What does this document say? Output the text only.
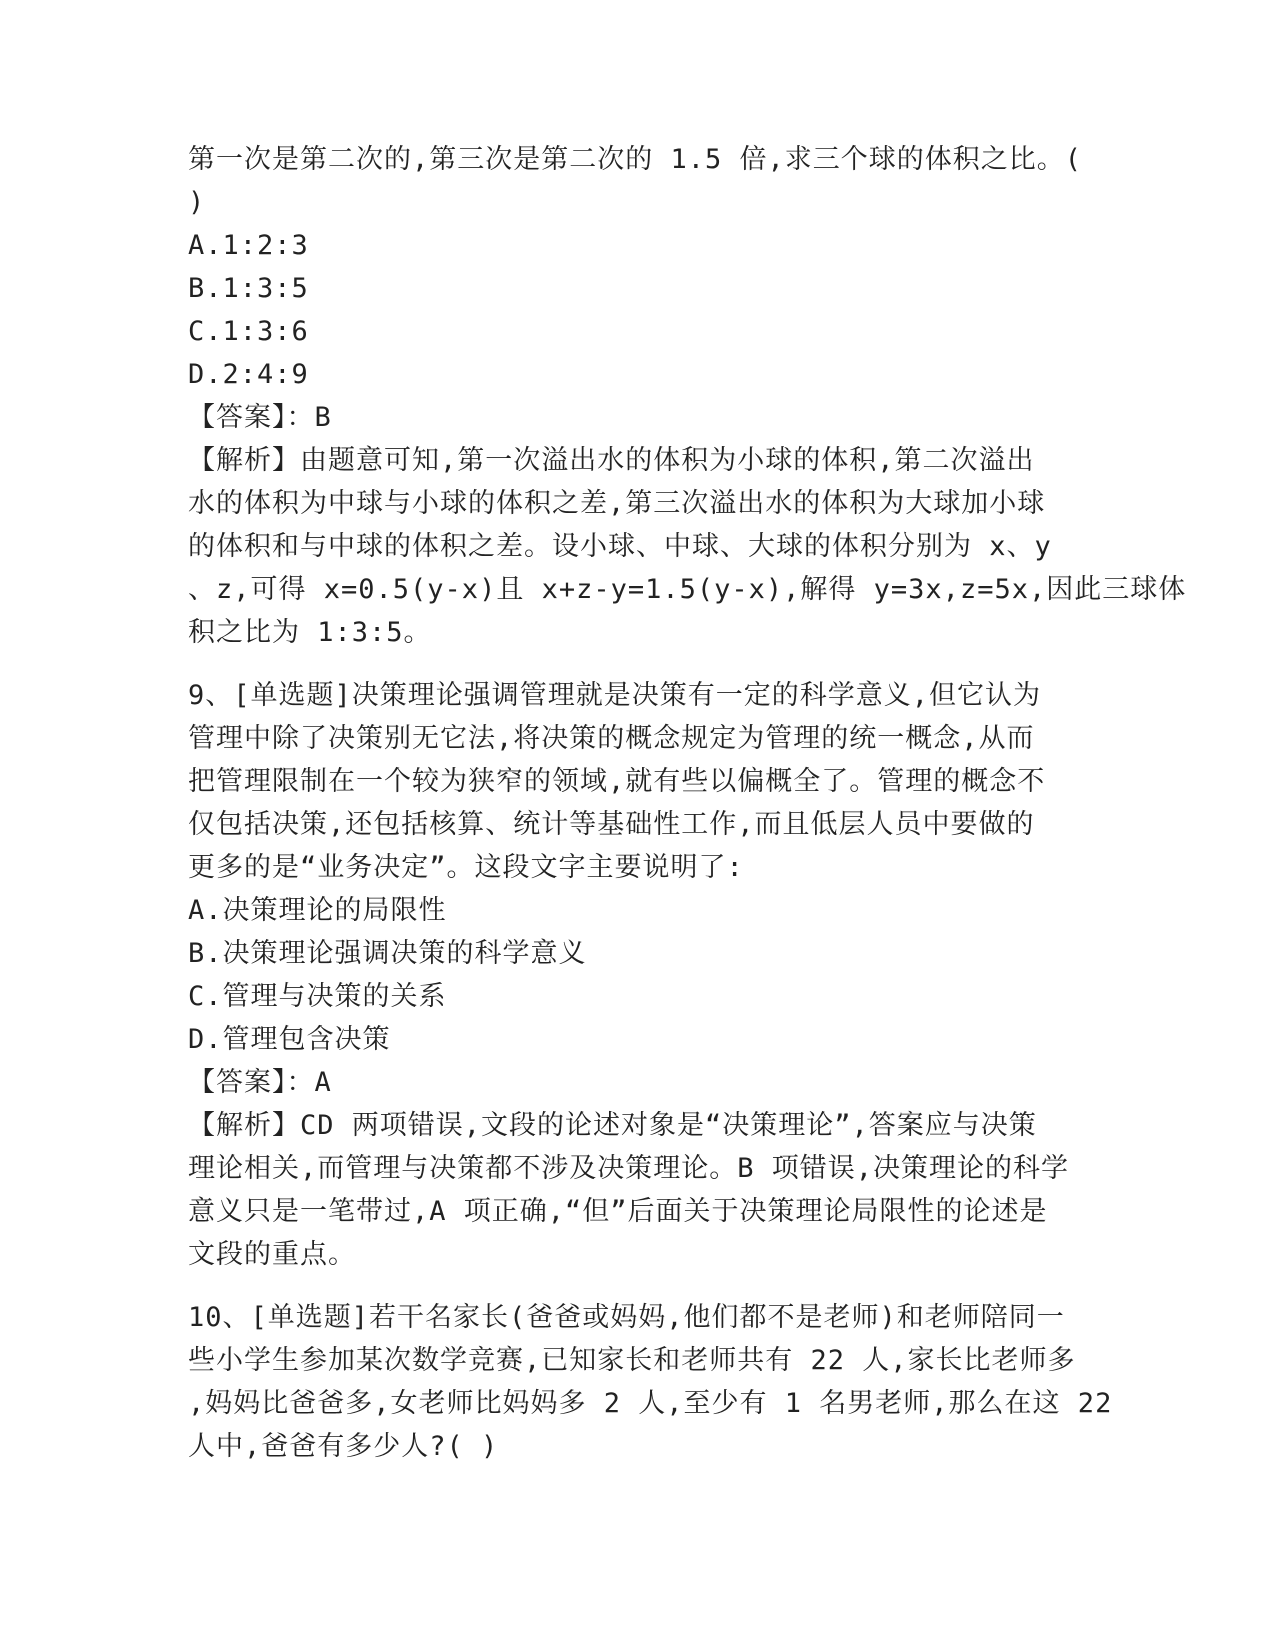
第一次是第二次的,第三次是第二次的 1.5 倍,求三个球的体积之比。(
)
A.1:2:3
B.1:3:5
C.1:3:6
D.2:4:9
【答案】：B
【解析】由题意可知,第一次溢出水的体积为小球的体积,第二次溢出
水的体积为中球与小球的体积之差,第三次溢出水的体积为大球加小球
的体积和与中球的体积之差。设小球、中球、大球的体积分别为 x、y
、z,可得 x=0.5(y-x)且 x+z-y=1.5(y-x),解得 y=3x,z=5x,因此三球体
积之比为 1:3:5。
9、[单选题]决策理论强调管理就是决策有一定的科学意义,但它认为
管理中除了决策别无它法,将决策的概念规定为管理的统一概念,从而
把管理限制在一个较为狭窄的领域,就有些以偏概全了。管理的概念不
仅包括决策,还包括核算、统计等基础性工作,而且低层人员中要做的
更多的是“业务决定”。这段文字主要说明了:
A.决策理论的局限性
B.决策理论强调决策的科学意义
C.管理与决策的关系
D.管理包含决策
【答案】：A
【解析】CD 两项错误,文段的论述对象是“决策理论”,答案应与决策
理论相关,而管理与决策都不涉及决策理论。B 项错误,决策理论的科学
意义只是一笔带过,A 项正确,“但”后面关于决策理论局限性的论述是
文段的重点。
10、[单选题]若干名家长(爸爸或妈妈,他们都不是老师)和老师陪同一
些小学生参加某次数学竞赛,已知家长和老师共有 22 人,家长比老师多
,妈妈比爸爸多,女老师比妈妈多 2 人,至少有 1 名男老师,那么在这 22
人中,爸爸有多少人?( )
